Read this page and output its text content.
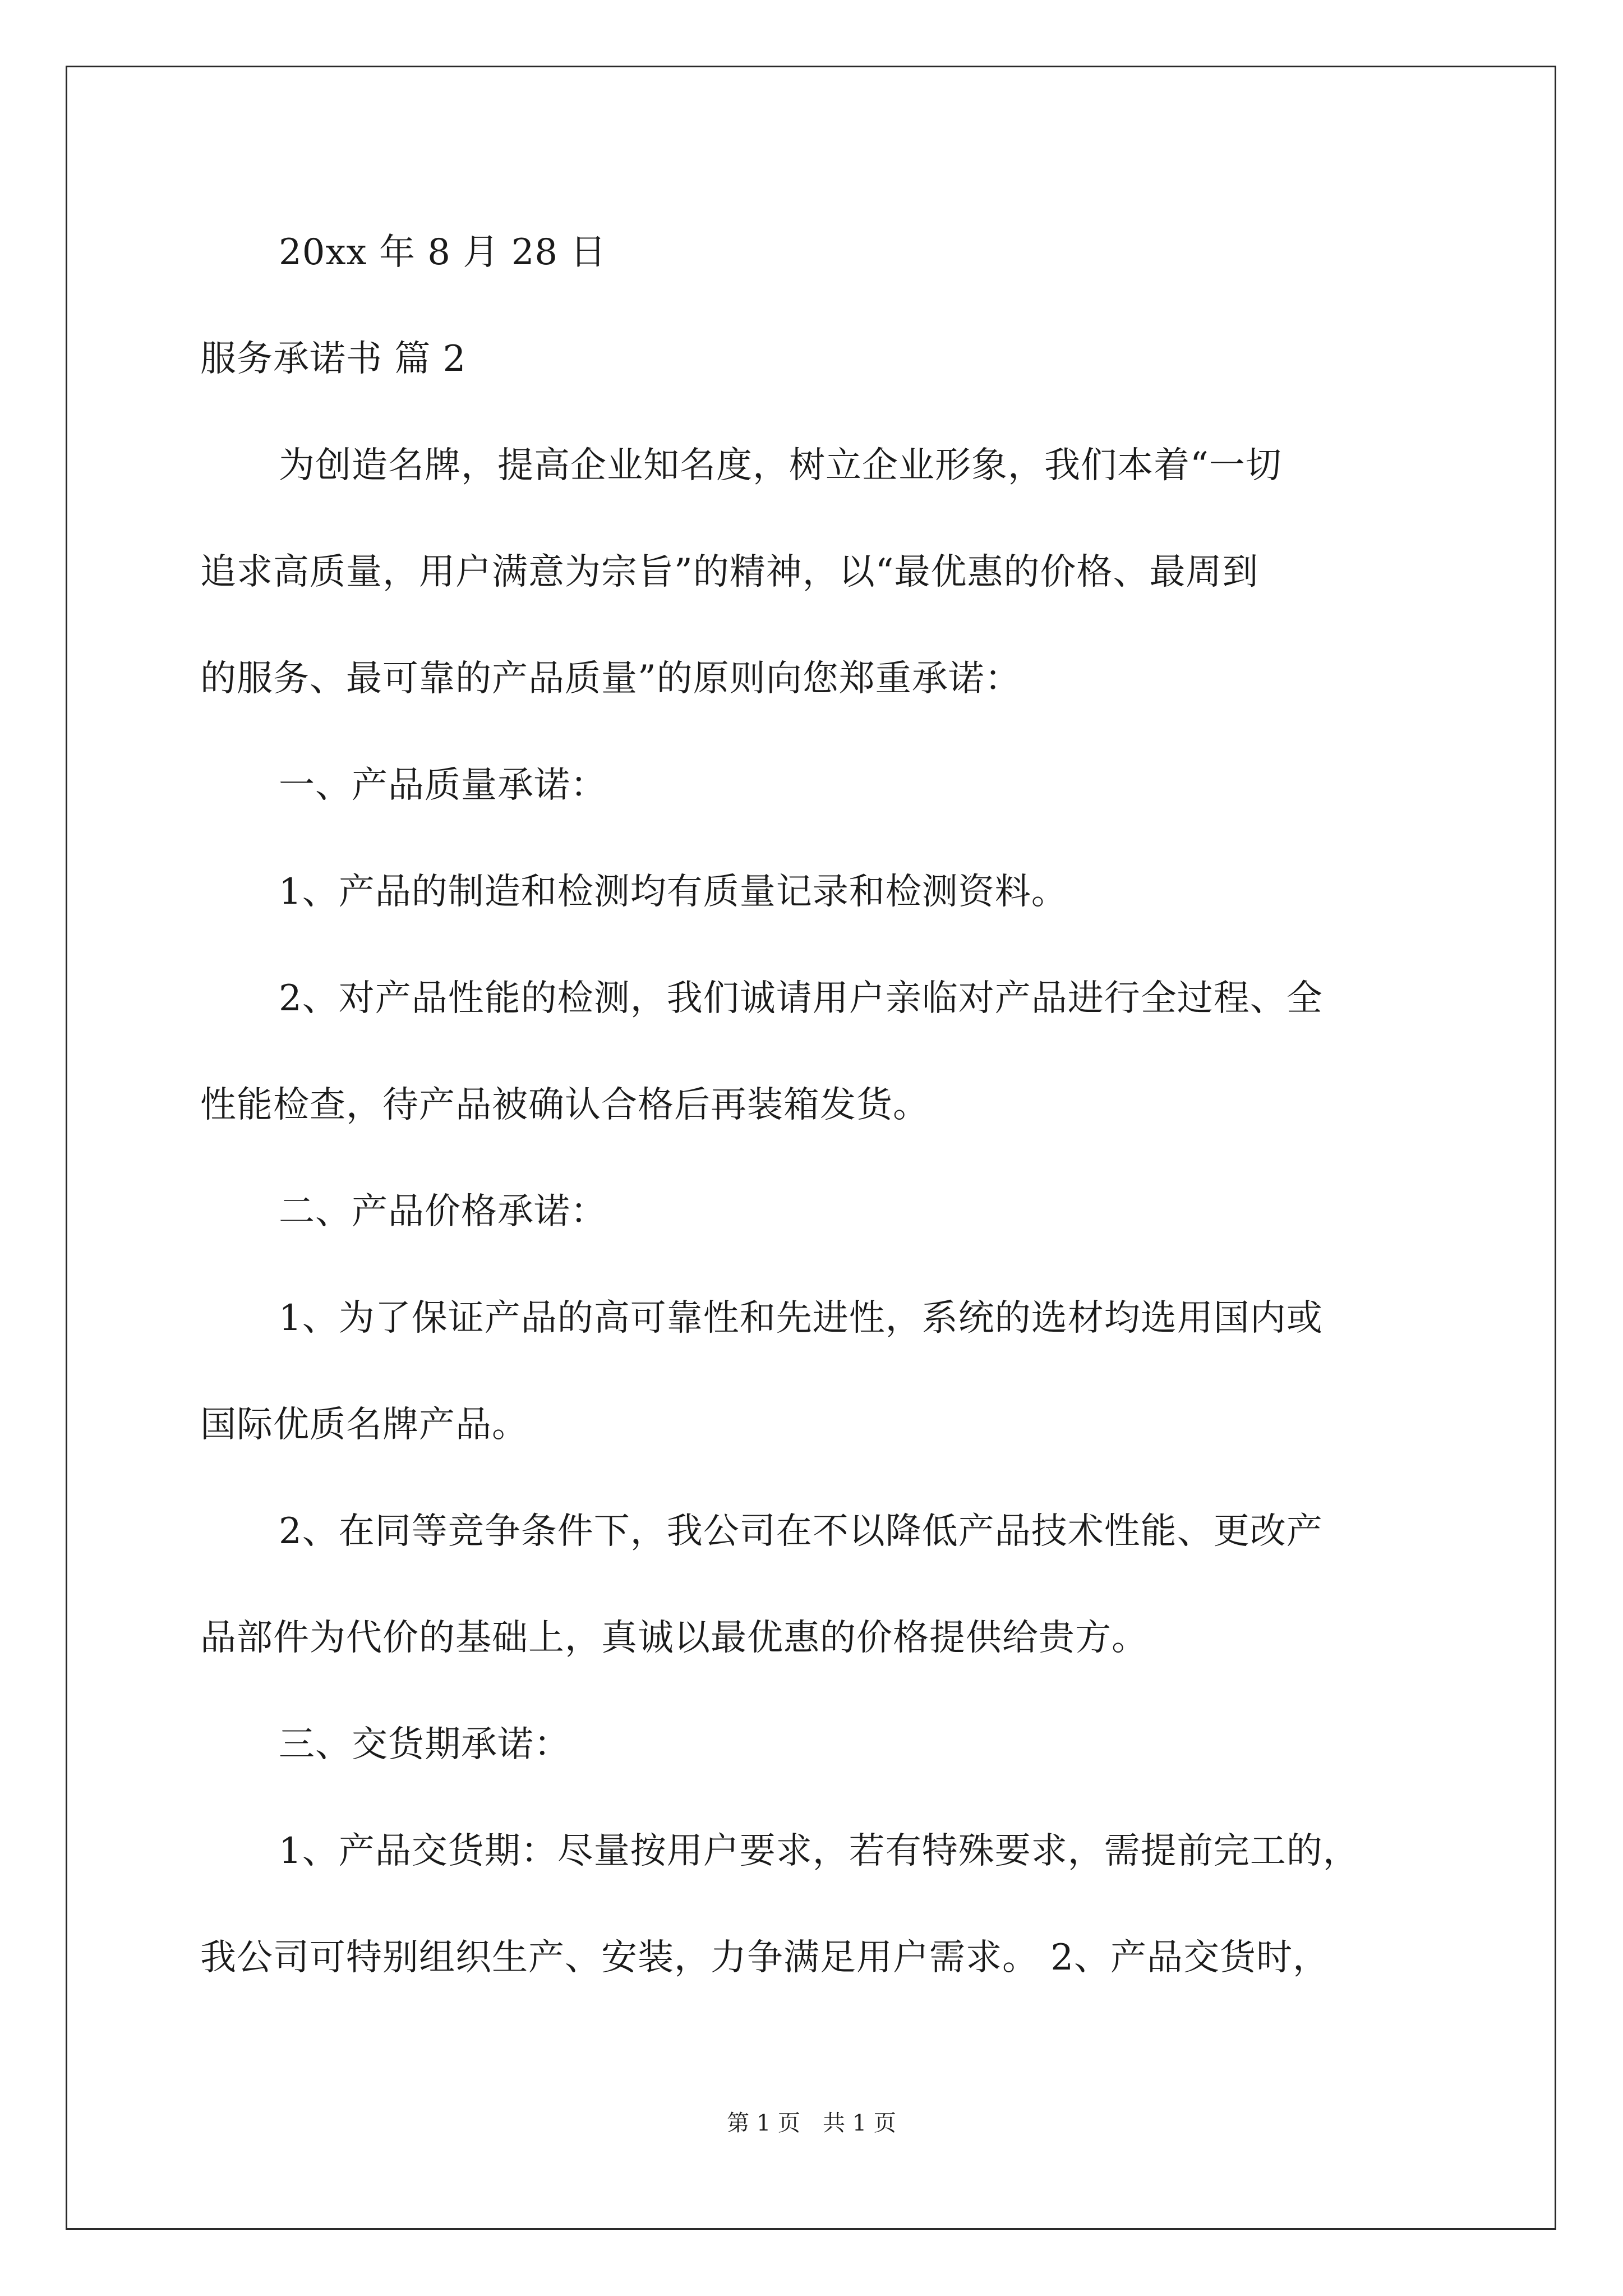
20xx 年 8 月 28 日
服务承诺书 篇 2
为创造名牌，提高企业知名度，树立企业形象，我们本着“一切
追求高质量，用户满意为宗旨”的精神，以“最优惠的价格、最周到
的服务、最可靠的产品质量”的原则向您郑重承诺：
一、产品质量承诺：
1、产品的制造和检测均有质量记录和检测资料。
2、对产品性能的检测，我们诚请用户亲临对产品进行全过程、全
性能检查，待产品被确认合格后再装箱发货。
二、产品价格承诺：
1、为了保证产品的高可靠性和先进性，系统的选材均选用国内或
国际优质名牌产品。
2、在同等竞争条件下，我公司在不以降低产品技术性能、更改产
品部件为代价的基础上，真诚以最优惠的价格提供给贵方。
三、交货期承诺：
1、产品交货期：尽量按用户要求，若有特殊要求，需提前完工的，
我公司可特别组织生产、安装，力争满足用户需求。 2、产品交货时，
第 1 页 共 1 页
